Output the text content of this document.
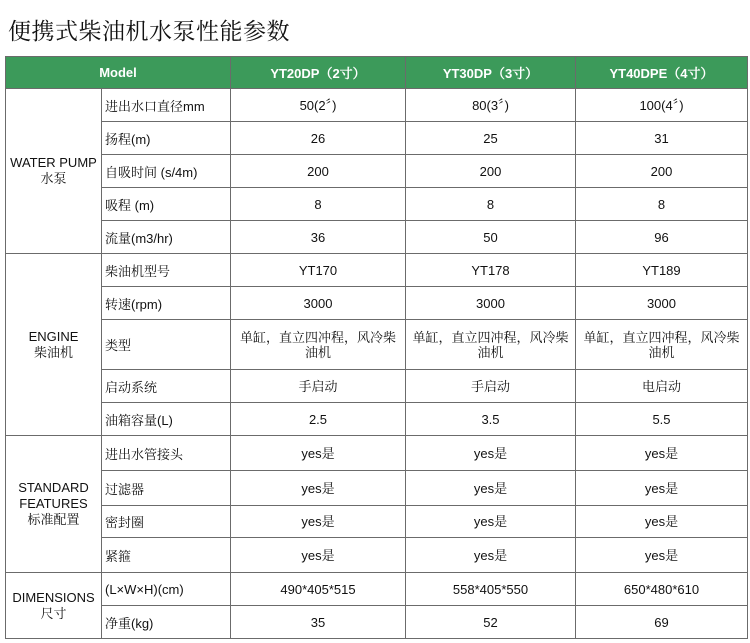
便携式柴油机水泵性能参数
Model		YT20DP（2寸）	YT30DP（3寸）	YT40DPE（4寸）

WATER PUMP
水泵	进出水口直径mm	50(2〞)	80(3〞)	100(4〞)
	扬程(m)	26	25	31
	自吸时间 (s/4m)	200	200	200
	吸程 (m)	8	8	8
	流量(m3/hr)	36	50	96

ENGINE
柴油机	柴油机型号	YT170	YT178	YT189
	转速(rpm)	3000	3000	3000
	类型	单缸，直立四冲程，风冷柴油机	单缸，直立四冲程，风冷柴油机	单缸，直立四冲程，风冷柴油机
	启动系统	手启动	手启动	电启动
	油箱容量(L)	2.5	3.5	5.5

STANDARD FEATURES
标准配置	进出水管接头	yes是	yes是	yes是
	过滤器	yes是	yes是	yes是
	密封圈	yes是	yes是	yes是
	紧箍	yes是	yes是	yes是

DIMENSIONS
尺寸	(L×W×H)(cm)	490*405*515	558*405*550	650*480*610
	净重(kg)	35	52	69
